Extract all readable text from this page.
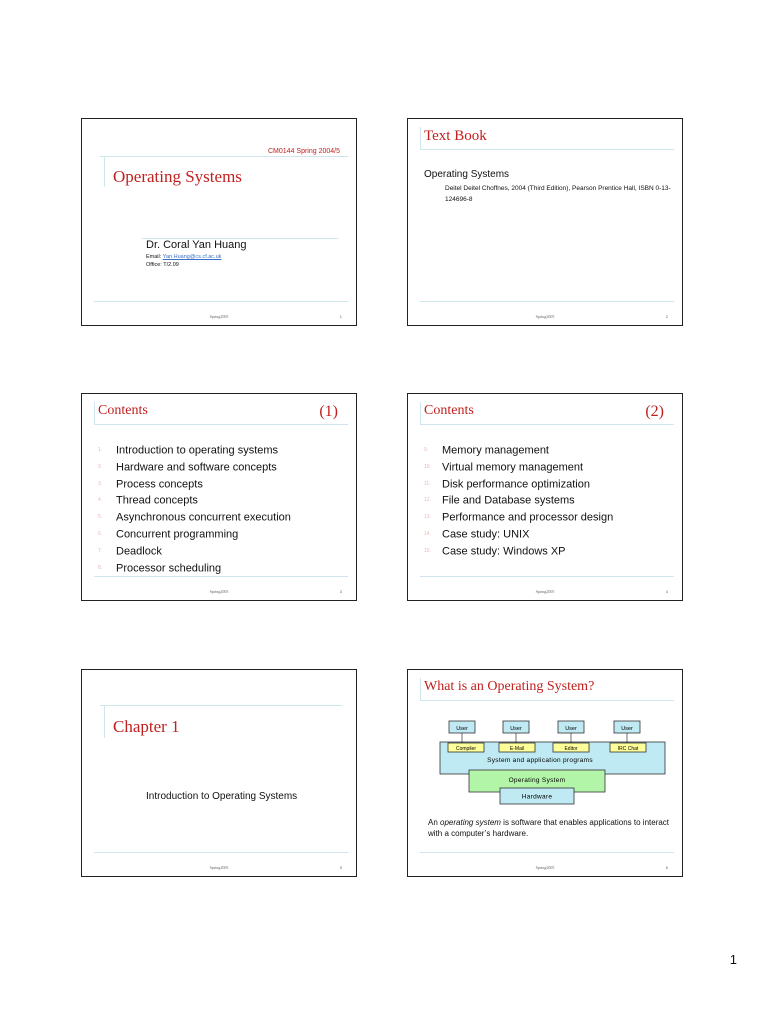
CM0144 Spring 2004/5
Operating Systems
Dr. Coral Yan Huang
Email: Yan.Huang@cs.cf.ac.uk
Office: T/2.09
Spring2005	1
Text Book
Operating Systems
Deitel Deitel Choffnes, 2004 (Third Edition), Pearson Prentice Hall, ISBN 0-13-124696-8
Spring2005	2
Contents	(1)
1. Introduction to operating systems
2. Hardware and software concepts
3. Process concepts
4. Thread concepts
5. Asynchronous concurrent execution
6. Concurrent programming
7. Deadlock
8. Processor scheduling
Spring2005	3
Contents	(2)
9. Memory management
10. Virtual memory management
11. Disk performance optimization
12. File and Database systems
13. Performance and processor design
14. Case study: UNIX
15. Case study: Windows XP
Spring2005	4
Chapter 1
Introduction to Operating Systems
Spring2005	5
What is an Operating System?
System and application programs
User	User	User	User
Compiler	E-Mail	Editor	IRC Chat
Operating System
Hardware
An operating system is software that enables applications to interact with a computer’s hardware.
Spring2005	6
1
